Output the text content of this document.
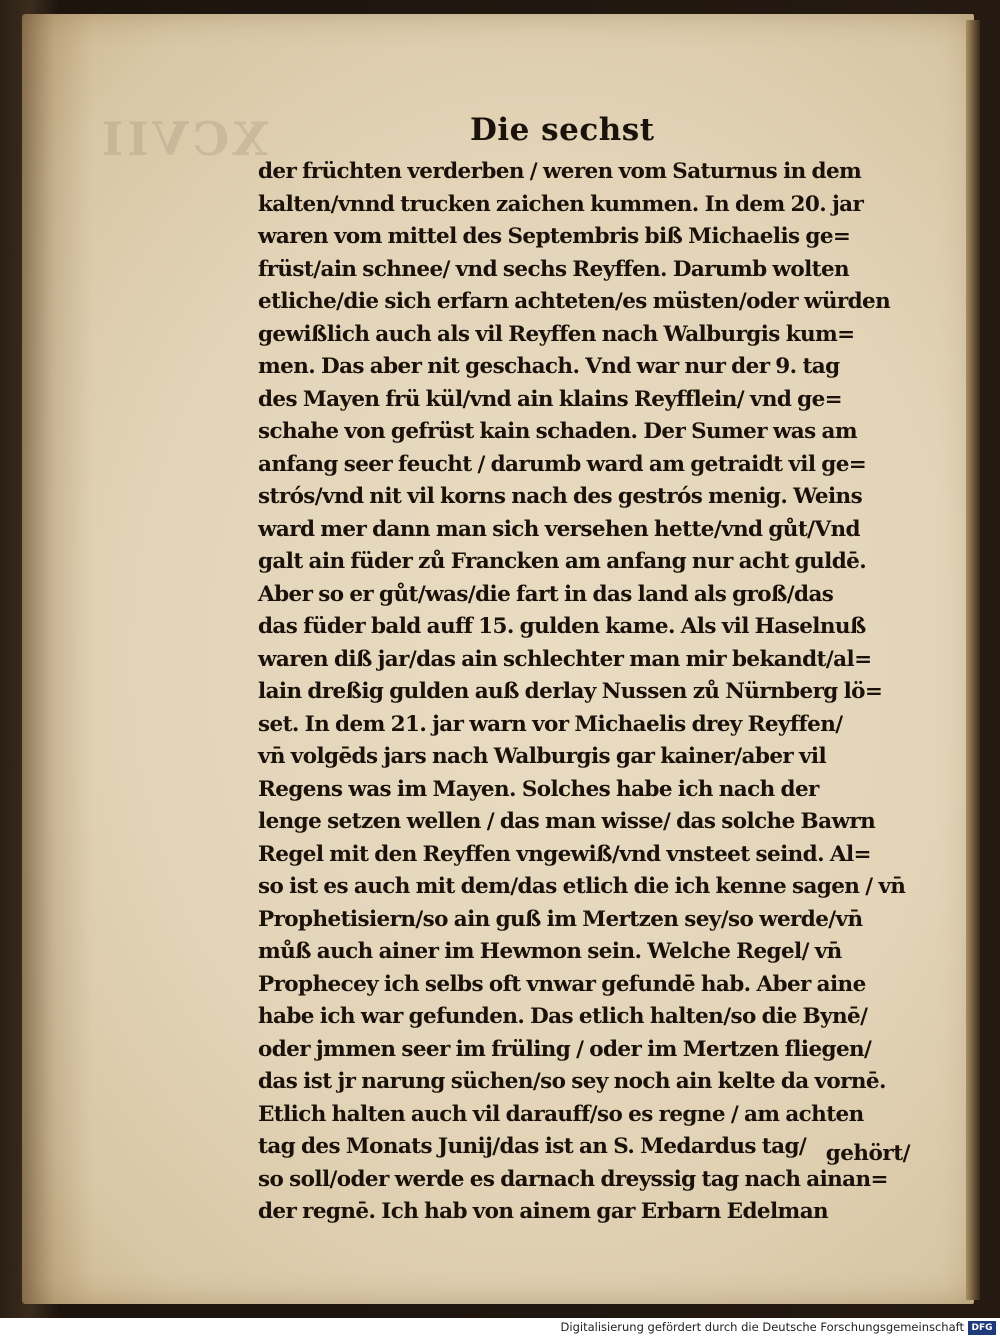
XCVII	Die sechst
der früchten verderben / weren vom Saturnus in dem
kalten/vnnd trucken zaichen kummen. In dem 20. jar
waren vom mittel des Septembris biß Michaelis ge=
früst/ain schnee/ vnd sechs Reyffen. Darumb wolten
etliche/die sich erfarn achteten/es müsten/oder würden
gewißlich auch als vil Reyffen nach Walburgis kum=
men. Das aber nit geschach. Vnd war nur der 9. tag
des Mayen frü kül/vnd ain klains Reyfflein/ vnd ge=
schahe von gefrüst kain schaden. Der Sumer was am
anfang seer feucht / darumb ward am getraidt vil ge=
strós/vnd nit vil korns nach des gestrós menig. Weins
ward mer dann man sich versehen hette/vnd gůt/Vnd
galt ain füder zů Francken am anfang nur acht guldē.
Aber so er gůt/was/die fart in das land als groß/das
das füder bald auff 15. gulden kame. Als vil Haselnuß
waren diß jar/das ain schlechter man mir bekandt/al=
lain dreßig gulden auß derlay Nussen zů Nürnberg lö=
set. In dem 21. jar warn vor Michaelis drey Reyffen/
vn̄ volgēds jars nach Walburgis gar kainer/aber vil
Regens was im Mayen. Solches habe ich nach der
lenge setzen wellen / das man wisse/ das solche Bawrn
Regel mit den Reyffen vngewiß/vnd vnsteet seind. Al=
so ist es auch mit dem/das etlich die ich kenne sagen / vn̄
Prophetisiern/so ain guß im Mertzen sey/so werde/vn̄
můß auch ainer im Hewmon sein. Welche Regel/ vn̄
Prophecey ich selbs oft vnwar gefundē hab. Aber aine
habe ich war gefunden. Das etlich halten/so die Bynē/
oder jmmen seer im früling / oder im Mertzen fliegen/
das ist jr narung süchen/so sey noch ain kelte da vornē.
Etlich halten auch vil darauff/so es regne / am achten
tag des Monats Junij/das ist an S. Medardus tag/
so soll/oder werde es darnach dreyssig tag nach ainan=
der regnē. Ich hab von ainem gar Erbarn Edelman
gehört/
Digitalisierung gefördert durch die Deutsche Forschungsgemeinschaft DFG
